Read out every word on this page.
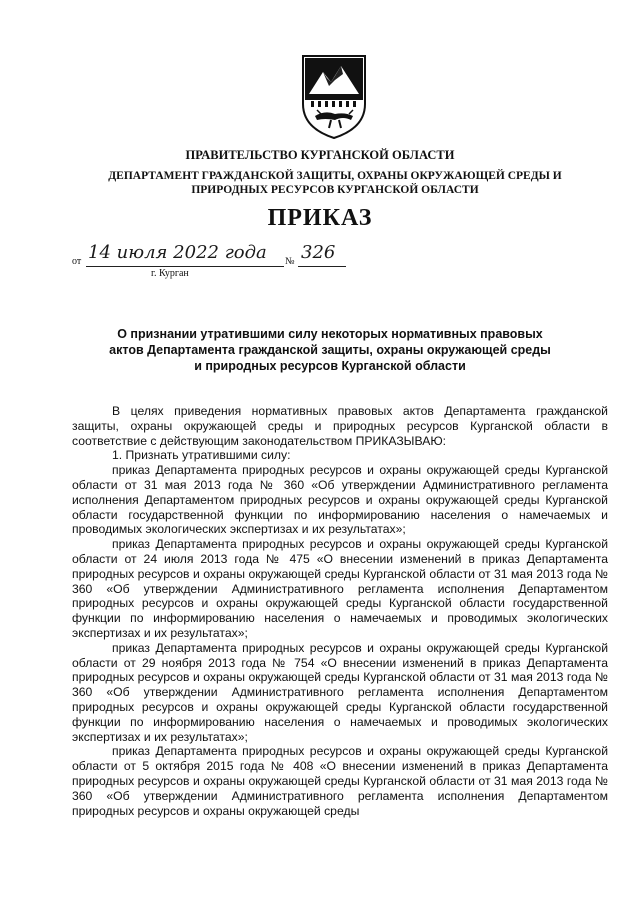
ПРАВИТЕЛЬСТВО КУРГАНСКОЙ ОБЛАСТИ
ДЕПАРТАМЕНТ ГРАЖДАНСКОЙ ЗАЩИТЫ, ОХРАНЫ ОКРУЖАЮЩЕЙ СРЕДЫ И ПРИРОДНЫХ РЕСУРСОВ КУРГАНСКОЙ ОБЛАСТИ
ПРИКАЗ
от 14 июля 2022 года № 326
г. Курган
О признании утратившими силу некоторых нормативных правовых
актов Департамента гражданской защиты, охраны окружающей среды
и природных ресурсов Курганской области

В целях приведения нормативных правовых актов Департамента гражданской защиты, охраны окружающей среды и природных ресурсов Курганской области в соответствие с действующим законодательством ПРИКАЗЫВАЮ:

1. Признать утратившими силу:

приказ Департамента природных ресурсов и охраны окружающей среды Курганской области от 31 мая 2013 года № 360 «Об утверждении Административного регламента исполнения Департаментом природных ресурсов и охраны окружающей среды Курганской области государственной функции по информированию населения о намечаемых и проводимых экологических экспертизах и их результатах»;

приказ Департамента природных ресурсов и охраны окружающей среды Курганской области от 24 июля 2013 года № 475 «О внесении изменений в приказ Департамента природных ресурсов и охраны окружающей среды Курганской области от 31 мая 2013 года № 360 «Об утверждении Административного регламента исполнения Департаментом природных ресурсов и охраны окружающей среды Курганской области государственной функции по информированию населения о намечаемых и проводимых экологических экспертизах и их результатах»;

приказ Департамента природных ресурсов и охраны окружающей среды Курганской области от 29 ноября 2013 года № 754 «О внесении изменений в приказ Департамента природных ресурсов и охраны окружающей среды Курганской области от 31 мая 2013 года № 360 «Об утверждении Административного регламента исполнения Департаментом природных ресурсов и охраны окружающей среды Курганской области государственной функции по информированию населения о намечаемых и проводимых экологических экспертизах и их результатах»;

приказ Департамента природных ресурсов и охраны окружающей среды Курганской области от 5 октября 2015 года № 408 «О внесении изменений в приказ Департамента природных ресурсов и охраны окружающей среды Курганской области от 31 мая 2013 года № 360 «Об утверждении Административного регламента исполнения Департаментом природных ресурсов и охраны окружающей среды
